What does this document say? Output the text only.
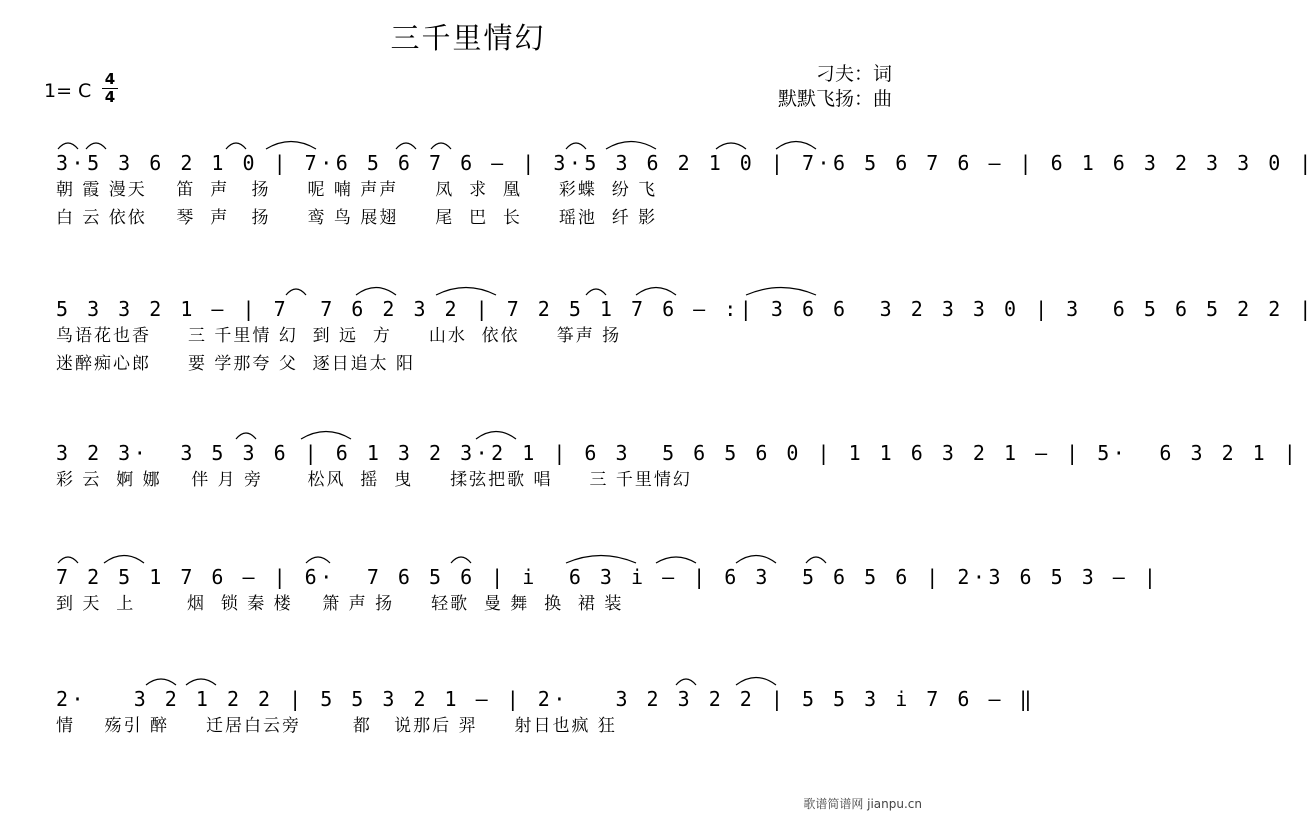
三千里情幻
1= C
4
4
刁夫：词
默默飞扬：曲
3·5 3 6 2 1 0 | 7·6 5 6 7 6 — | 3·5 3 6 2 1 0 | 7·6 5 6 7 6 — | 6 1 6 3 2 3 3 0 |
朝 霞 漫天    笛  声   扬     呢 喃 声声     凤  求  凰     彩蝶  纷 飞
白 云 依依    琴  声   扬     鸾 鸟 展翅     尾  巴  长     瑶池  纤 影
5 3 3 2 1 — | 7  7 6 2 3 2 | 7 2 5 1 7 6 — :| 3 6 6  3 2 3 3 0 | 3  6 5 6 5 2 2 |
鸟语花也香     三 千里情 幻  到 远  方     山水  依依     筝声 扬
迷醉痴心郎     要 学那夸 父  逐日追太 阳
3 2 3·  3 5 3 6 | 6 1 3 2 3·2 1 | 6 3  5 6 5 6 0 | 1 1 6 3 2 1 — | 5·  6 3 2 1 |
彩 云  婀 娜    伴 月 旁      松风  摇  曳     揉弦把歌 唱     三 千里情幻
7 2 5 1 7 6 — | 6·  7 6 5 6 | i  6 3 i — | 6 3  5 6 5 6 | 2·3 6 5 3 — |
到 天  上       烟  锁 秦 楼    箫 声 扬     轻歌  曼 舞  换  裙 装
2·   3 2 1 2 2 | 5 5 3 2 1 — | 2·   3 2 3 2 2 | 5 5 3 i 7 6 — ‖
情    殇引 醉     迁居白云旁       都   说那后 羿     射日也疯 狂
歌谱简谱网 jianpu.cn
